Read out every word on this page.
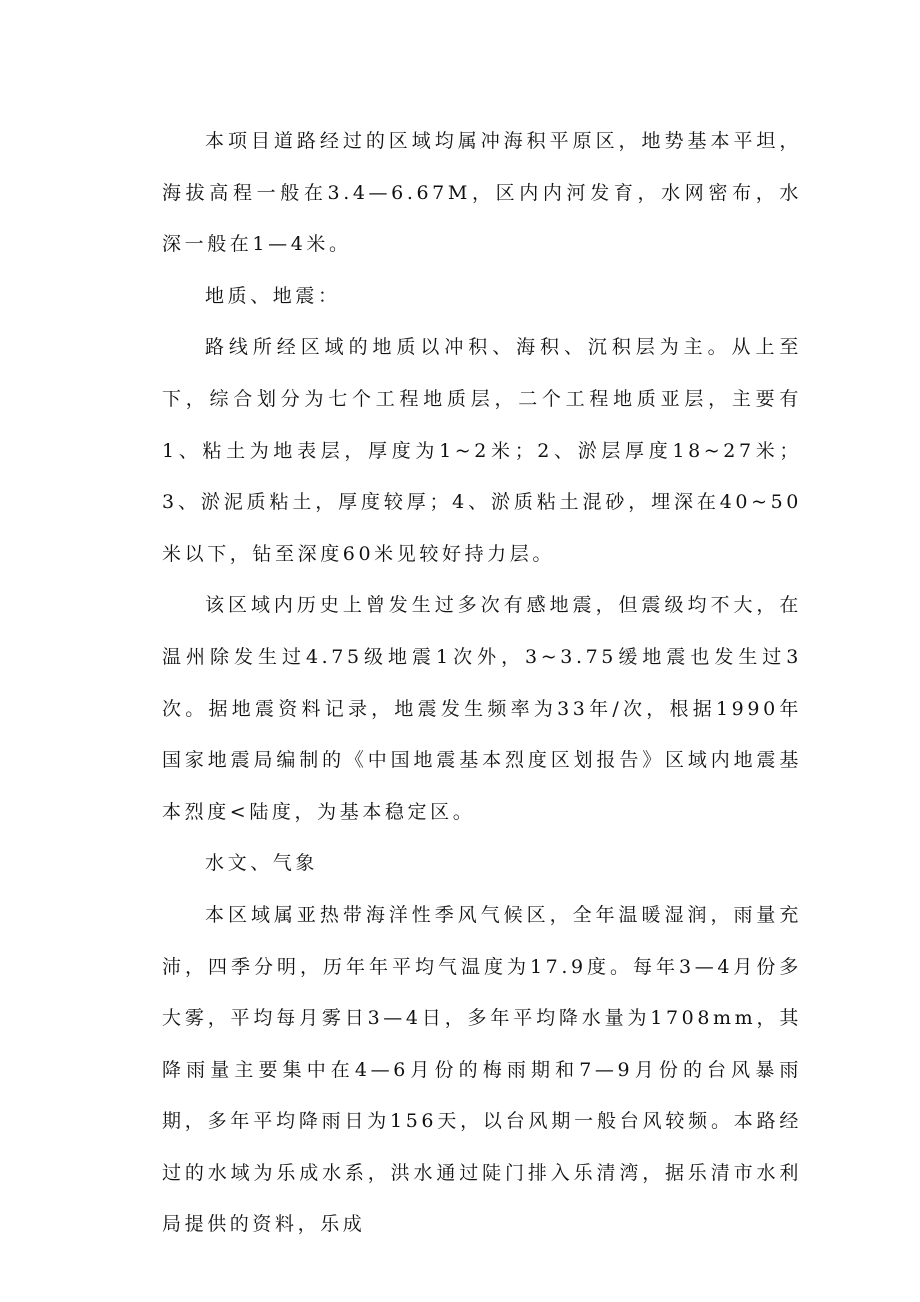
本项目道路经过的区域均属冲海积平原区，地势基本平坦，海拔高程一般在3.4—6.67M，区内内河发育，水网密布，水深一般在1—4米。

地质、地震：

路线所经区域的地质以冲积、海积、沉积层为主。从上至下，综合划分为七个工程地质层，二个工程地质亚层，主要有1、粘土为地表层，厚度为1~2米；2、淤层厚度18~27米；3、淤泥质粘土，厚度较厚；4、淤质粘土混砂，埋深在40~50米以下，钻至深度60米见较好持力层。

该区域内历史上曾发生过多次有感地震，但震级均不大，在温州除发生过4.75级地震1次外，3~3.75缓地震也发生过3次。据地震资料记录，地震发生频率为33年/次，根据1990年国家地震局编制的《中国地震基本烈度区划报告》区域内地震基本烈度<陆度，为基本稳定区。

水文、气象

本区域属亚热带海洋性季风气候区，全年温暖湿润，雨量充沛，四季分明，历年年平均气温度为17.9度。每年3—4月份多大雾，平均每月雾日3—4日，多年平均降水量为1708mm，其降雨量主要集中在4—6月份的梅雨期和7—9月份的台风暴雨期，多年平均降雨日为156天，以台风期一般台风较频。本路经过的水域为乐成水系，洪水通过陡门排入乐清湾，据乐清市水利局提供的资料，乐成
